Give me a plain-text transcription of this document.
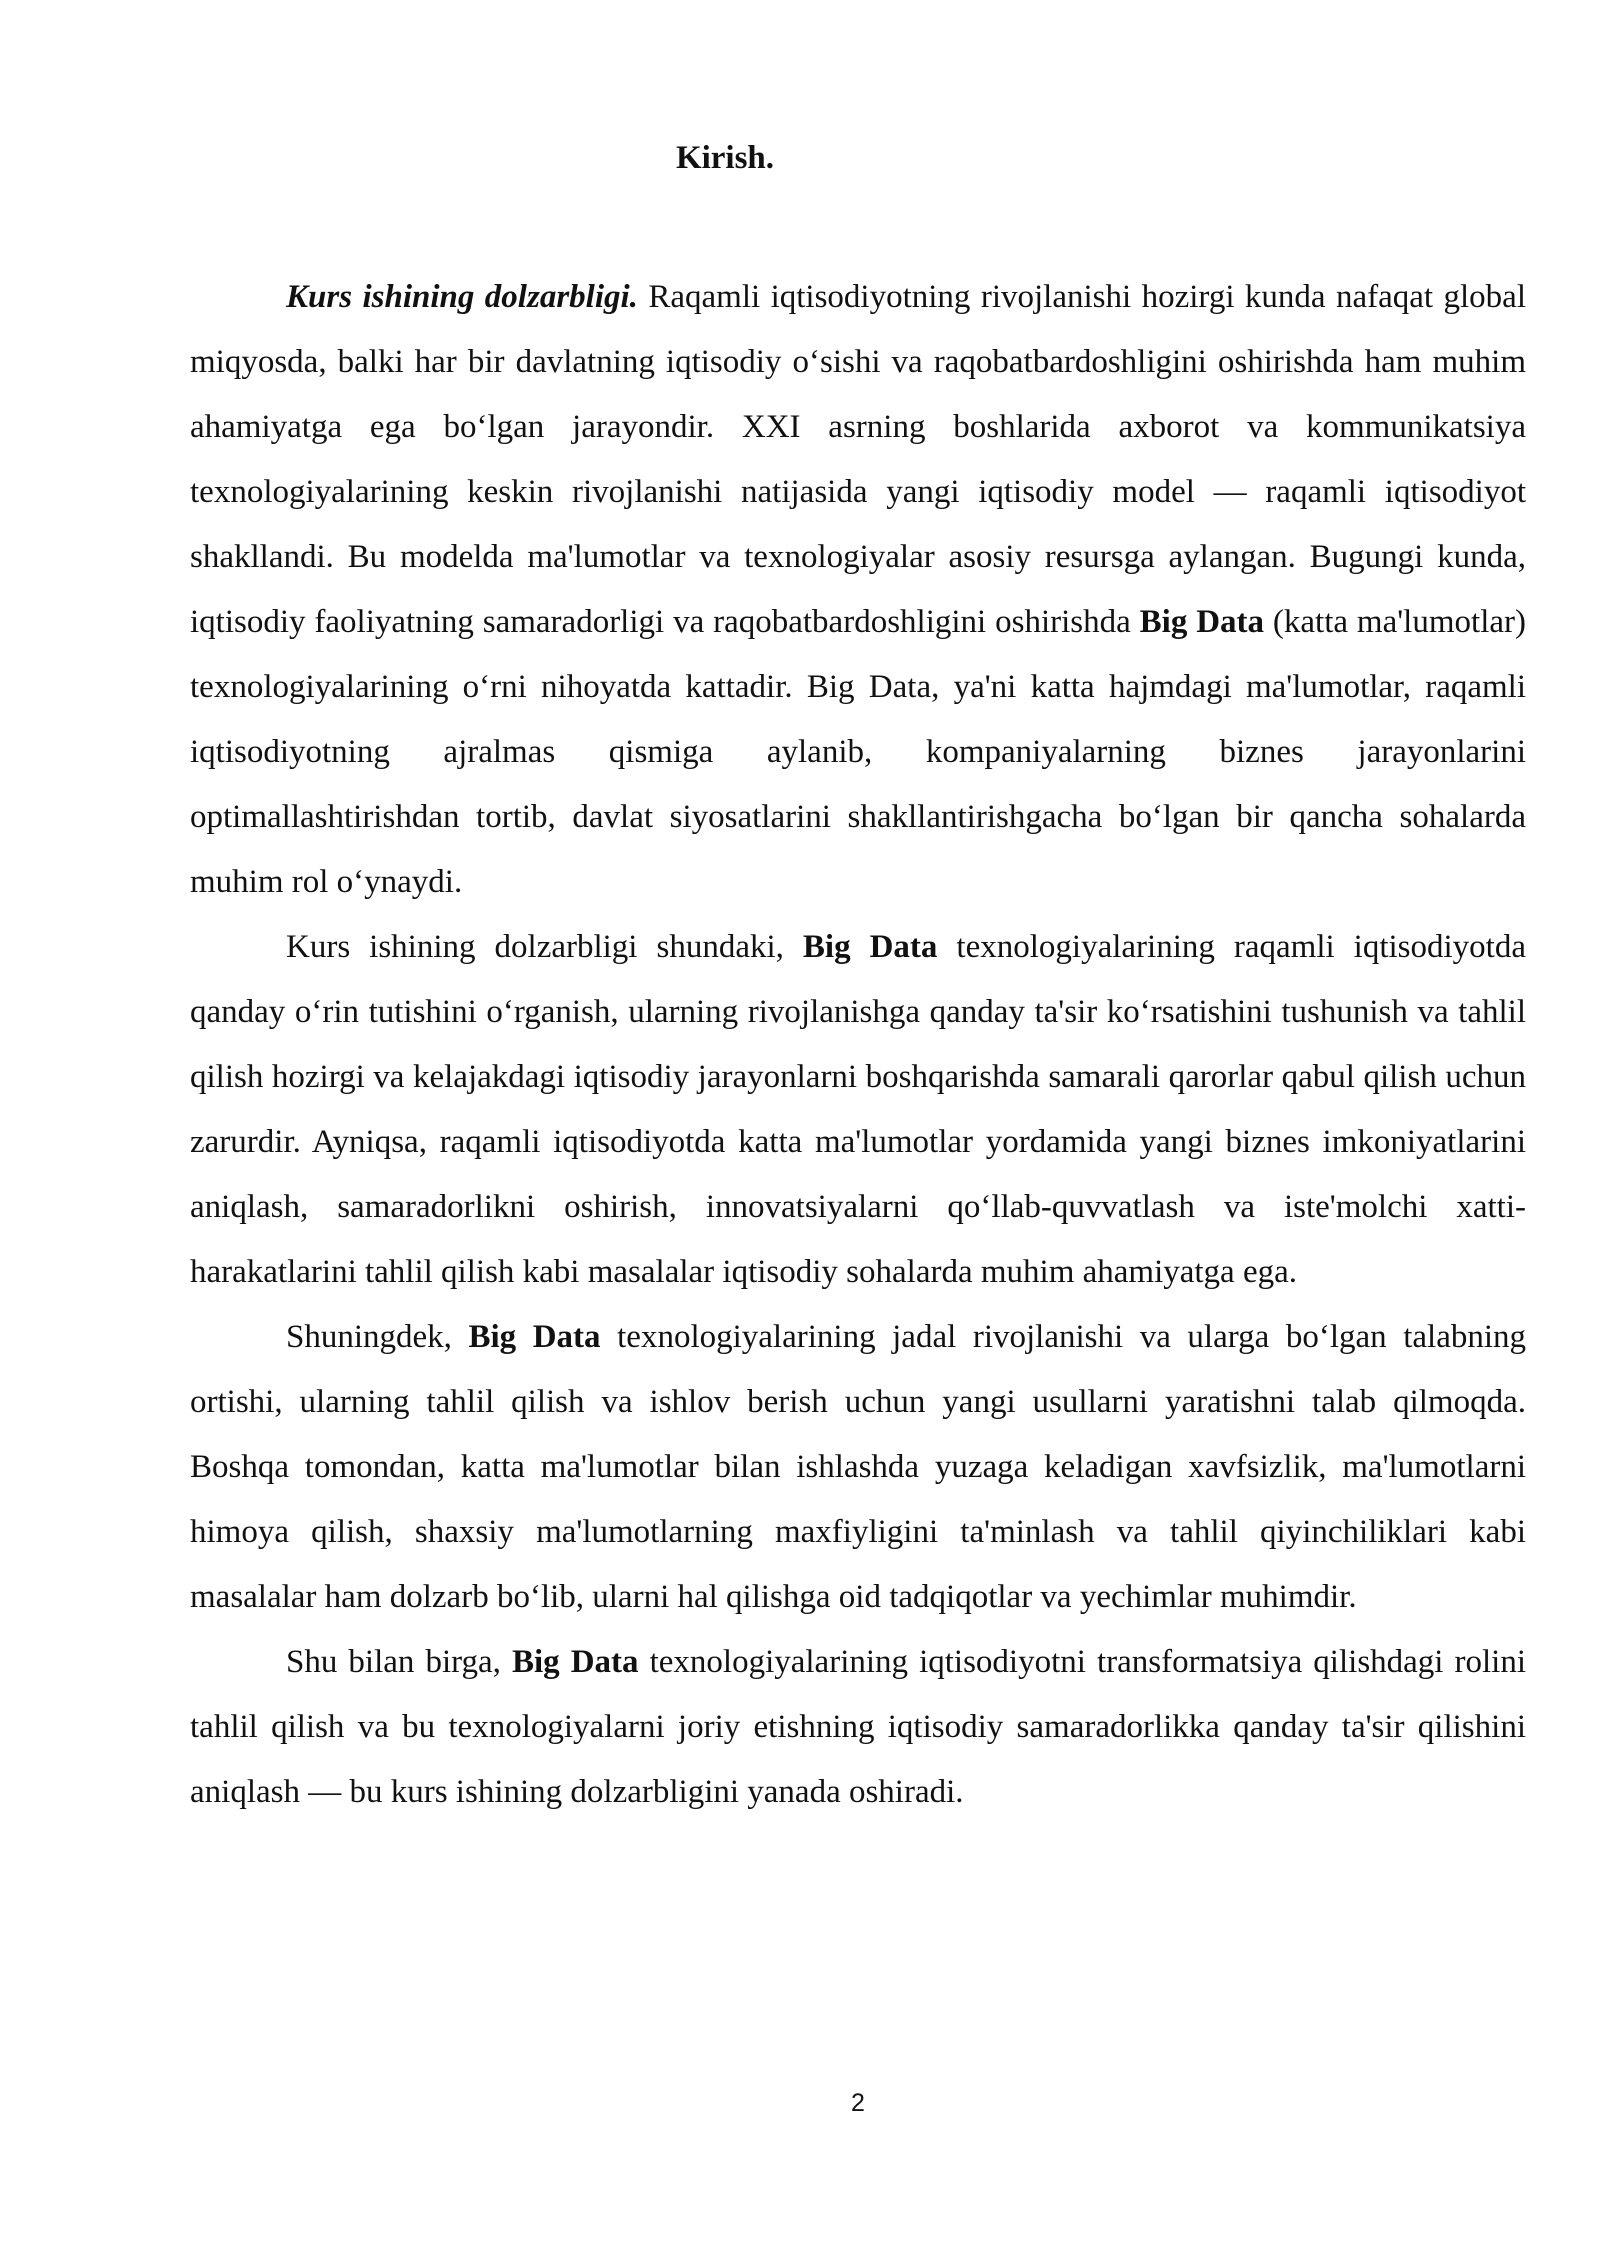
Kirish.

Kurs ishining dolzarbligi. Raqamli iqtisodiyotning rivojlanishi hozirgi kunda nafaqat global miqyosda, balki har bir davlatning iqtisodiy o‘sishi va raqobatbardoshligini oshirishda ham muhim ahamiyatga ega bo‘lgan jarayondir. XXI asrning boshlarida axborot va kommunikatsiya texnologiyalarining keskin rivojlanishi natijasida yangi iqtisodiy model — raqamli iqtisodiyot shakllandi. Bu modelda ma'lumotlar va texnologiyalar asosiy resursga aylangan. Bugungi kunda, iqtisodiy faoliyatning samaradorligi va raqobatbardoshligini oshirishda Big Data (katta ma'lumotlar) texnologiyalarining o‘rni nihoyatda kattadir. Big Data, ya'ni katta hajmdagi ma'lumotlar, raqamli iqtisodiyotning ajralmas qismiga aylanib, kompaniyalarning biznes jarayonlarini optimallashtirishdan tortib, davlat siyosatlarini shakllantirishgacha bo‘lgan bir qancha sohalarda muhim rol o‘ynaydi.

Kurs ishining dolzarbligi shundaki, Big Data texnologiyalarining raqamli iqtisodiyotda qanday o‘rin tutishini o‘rganish, ularning rivojlanishga qanday ta'sir ko‘rsatishini tushunish va tahlil qilish hozirgi va kelajakdagi iqtisodiy jarayonlarni boshqarishda samarali qarorlar qabul qilish uchun zarurdir. Ayniqsa, raqamli iqtisodiyotda katta ma'lumotlar yordamida yangi biznes imkoniyatlarini aniqlash, samaradorlikni oshirish, innovatsiyalarni qo‘llab-quvvatlash va iste'molchi xatti-harakatlarini tahlil qilish kabi masalalar iqtisodiy sohalarda muhim ahamiyatga ega.

Shuningdek, Big Data texnologiyalarining jadal rivojlanishi va ularga bo‘lgan talabning ortishi, ularning tahlil qilish va ishlov berish uchun yangi usullarni yaratishni talab qilmoqda. Boshqa tomondan, katta ma'lumotlar bilan ishlashda yuzaga keladigan xavfsizlik, ma'lumotlarni himoya qilish, shaxsiy ma'lumotlarning maxfiyligini ta'minlash va tahlil qiyinchiliklari kabi masalalar ham dolzarb bo‘lib, ularni hal qilishga oid tadqiqotlar va yechimlar muhimdir.

Shu bilan birga, Big Data texnologiyalarining iqtisodiyotni transformatsiya qilishdagi rolini tahlil qilish va bu texnologiyalarni joriy etishning iqtisodiy samaradorlikka qanday ta'sir qilishini aniqlash — bu kurs ishining dolzarbligini yanada oshiradi.

2
